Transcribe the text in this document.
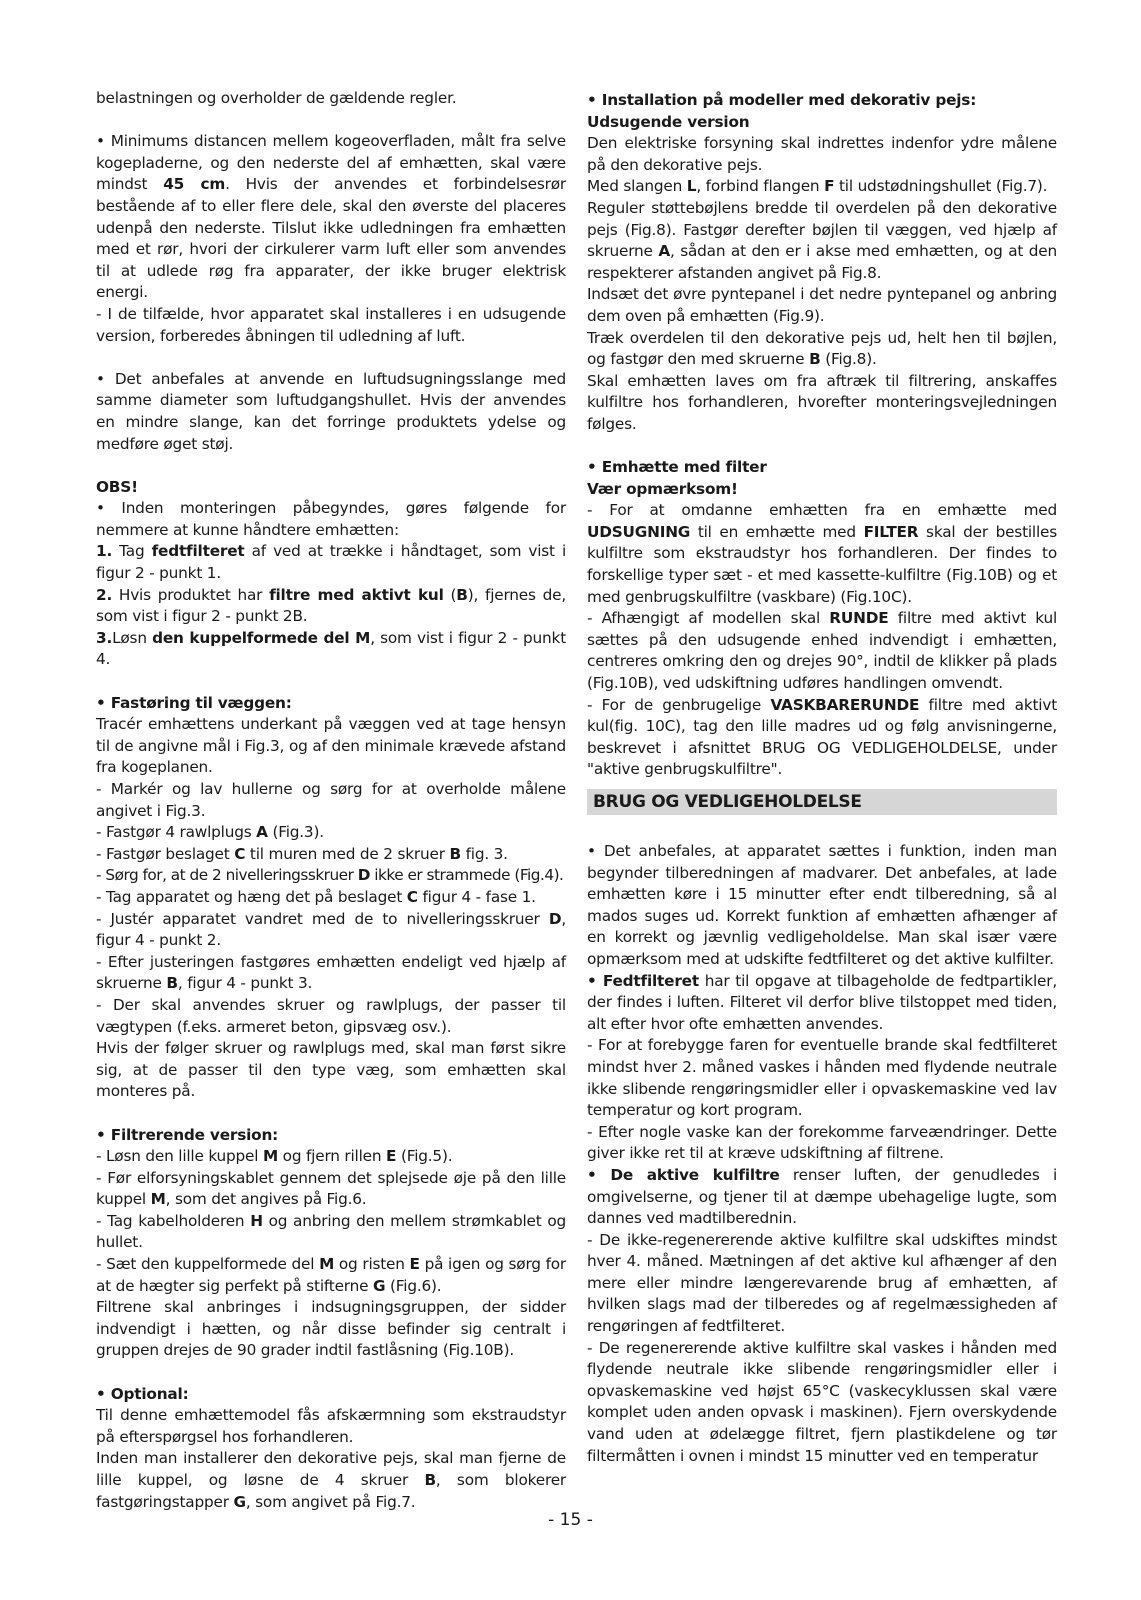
belastningen og overholder de gældende regler.

• Minimums distancen mellem kogeoverfladen, målt fra selve kogepladerne, og den nederste del af emhætten, skal være mindst 45 cm. Hvis der anvendes et forbindelsesrør bestående af to eller flere dele, skal den øverste del placeres udenpå den nederste. Tilslut ikke udledningen fra emhætten med et rør, hvori der cirkulerer varm luft eller som anvendes til at udlede røg fra apparater, der ikke bruger elektrisk energi.

- I de tilfælde, hvor apparatet skal installeres i en udsugende version, forberedes åbningen til udledning af luft.

• Det anbefales at anvende en luftudsugningsslange med samme diameter som luftudgangshullet. Hvis der anvendes en mindre slange, kan det forringe produktets ydelse og medføre øget støj.

OBS!

• Inden monteringen påbegyndes, gøres følgende for nemmere at kunne håndtere emhætten:

1. Tag fedtfilteret af ved at trække i håndtaget, som vist i figur 2 - punkt 1.

2. Hvis produktet har filtre med aktivt kul (B), fjernes de, som vist i figur 2 - punkt 2B.

3.Løsn den kuppelformede del M, som vist i figur 2 - punkt 4.

• Fastøring til væggen:

Tracér emhættens underkant på væggen ved at tage hensyn til de angivne mål i Fig.3, og af den minimale krævede afstand fra kogeplanen.

- Markér og lav hullerne og sørg for at overholde målene angivet i Fig.3.

- Fastgør 4 rawlplugs A (Fig.3).

- Fastgør beslaget C til muren med de 2 skruer B fig. 3.

- Sørg for, at de 2 nivelleringsskruer D ikke er strammede (Fig.4).

- Tag apparatet og hæng det på beslaget C figur 4 - fase 1.

- Justér apparatet vandret med de to nivelleringsskruer D, figur 4 - punkt 2.

- Efter justeringen fastgøres emhætten endeligt ved hjælp af skruerne B, figur 4 - punkt 3.

- Der skal anvendes skruer og rawlplugs, der passer til vægtypen (f.eks. armeret beton, gipsvæg osv.).

Hvis der følger skruer og rawlplugs med, skal man først sikre sig, at de passer til den type væg, som emhætten skal monteres på.

• Filtrerende version:

- Løsn den lille kuppel M og fjern rillen E (Fig.5).

- Før elforsyningskablet gennem det splejsede øje på den lille kuppel M, som det angives på Fig.6.

- Tag kabelholderen H og anbring den mellem strømkablet og hullet.

- Sæt den kuppelformede del M og risten E på igen og sørg for at de hægter sig perfekt på stifterne G (Fig.6).

Filtrene skal anbringes i indsugningsgruppen, der sidder indvendigt i hætten, og når disse befinder sig centralt i gruppen drejes de 90 grader indtil fastlåsning (Fig.10B).

• Optional:

Til denne emhættemodel fås afskærmning som ekstraudstyr på efterspørgsel hos forhandleren.

Inden man installerer den dekorative pejs, skal man fjerne de lille kuppel, og løsne de 4 skruer B, som blokerer fastgøringstapper G, som angivet på Fig.7.

• Installation på modeller med dekorativ pejs:

Udsugende version

Den elektriske forsyning skal indrettes indenfor ydre målene på den dekorative pejs.

Med slangen L, forbind flangen F til udstødningshullet (Fig.7).

Reguler støttebøjlens bredde til overdelen på den dekorative pejs (Fig.8). Fastgør derefter bøjlen til væggen, ved hjælp af skruerne A, sådan at den er i akse med emhætten, og at den respekterer afstanden angivet på Fig.8.

Indsæt det øvre pyntepanel i det nedre pyntepanel og anbring dem oven på emhætten (Fig.9).

Træk overdelen til den dekorative pejs ud, helt hen til bøjlen, og fastgør den med skruerne B (Fig.8).

Skal emhætten laves om fra aftræk til filtrering, anskaffes kulfiltre hos forhandleren, hvorefter monteringsvejledningen følges.

• Emhætte med filter

Vær opmærksom!

- For at omdanne emhætten fra en emhætte med UDSUGNING til en emhætte med FILTER skal der bestilles kulfiltre som ekstraudstyr hos forhandleren. Der findes to forskellige typer sæt - et med kassette-kulfiltre (Fig.10B) og et med genbrugskulfiltre (vaskbare) (Fig.10C).

- Afhængigt af modellen skal RUNDE filtre med aktivt kul sættes på den udsugende enhed indvendigt i emhætten, centreres omkring den og drejes 90°, indtil de klikker på plads (Fig.10B), ved udskiftning udføres handlingen omvendt.

- For de genbrugelige VASKBARERUNDE filtre med aktivt kul(fig. 10C), tag den lille madres ud og følg anvisningerne, beskrevet i afsnittet BRUG OG VEDLIGEHOLDELSE, under "aktive genbrugskulfiltre".

BRUG OG VEDLIGEHOLDELSE

• Det anbefales, at apparatet sættes i funktion, inden man begynder tilberedningen af madvarer. Det anbefales, at lade emhætten køre i 15 minutter efter endt tilberedning, så al mados suges ud. Korrekt funktion af emhætten afhænger af en korrekt og jævnlig vedligeholdelse. Man skal især være opmærksom med at udskifte fedtfilteret og det aktive kulfilter.

• Fedtfilteret har til opgave at tilbageholde de fedtpartikler, der findes i luften. Filteret vil derfor blive tilstoppet med tiden, alt efter hvor ofte emhætten anvendes.

- For at forebygge faren for eventuelle brande skal fedtfilteret mindst hver 2. måned vaskes i hånden med flydende neutrale ikke slibende rengøringsmidler eller i opvaskemaskine ved lav temperatur og kort program.

- Efter nogle vaske kan der forekomme farveændringer. Dette giver ikke ret til at kræve udskiftning af filtrene.

• De aktive kulfiltre renser luften, der genudledes i omgivelserne, og tjener til at dæmpe ubehagelige lugte, som dannes ved madtilberednin.

- De ikke-regenererende aktive kulfiltre skal udskiftes mindst hver 4. måned. Mætningen af det aktive kul afhænger af den mere eller mindre længerevarende brug af emhætten, af hvilken slags mad der tilberedes og af regelmæssigheden af rengøringen af fedtfilteret.

- De regenererende aktive kulfiltre skal vaskes i hånden med flydende neutrale ikke slibende rengøringsmidler eller i opvaskemaskine ved højst 65°C (vaskecyklussen skal være komplet uden anden opvask i maskinen). Fjern overskydende vand uden at ødelægge filtret, fjern plastikdelene og tør filtermåtten i ovnen i mindst 15 minutter ved en temperatur

- 15 -
